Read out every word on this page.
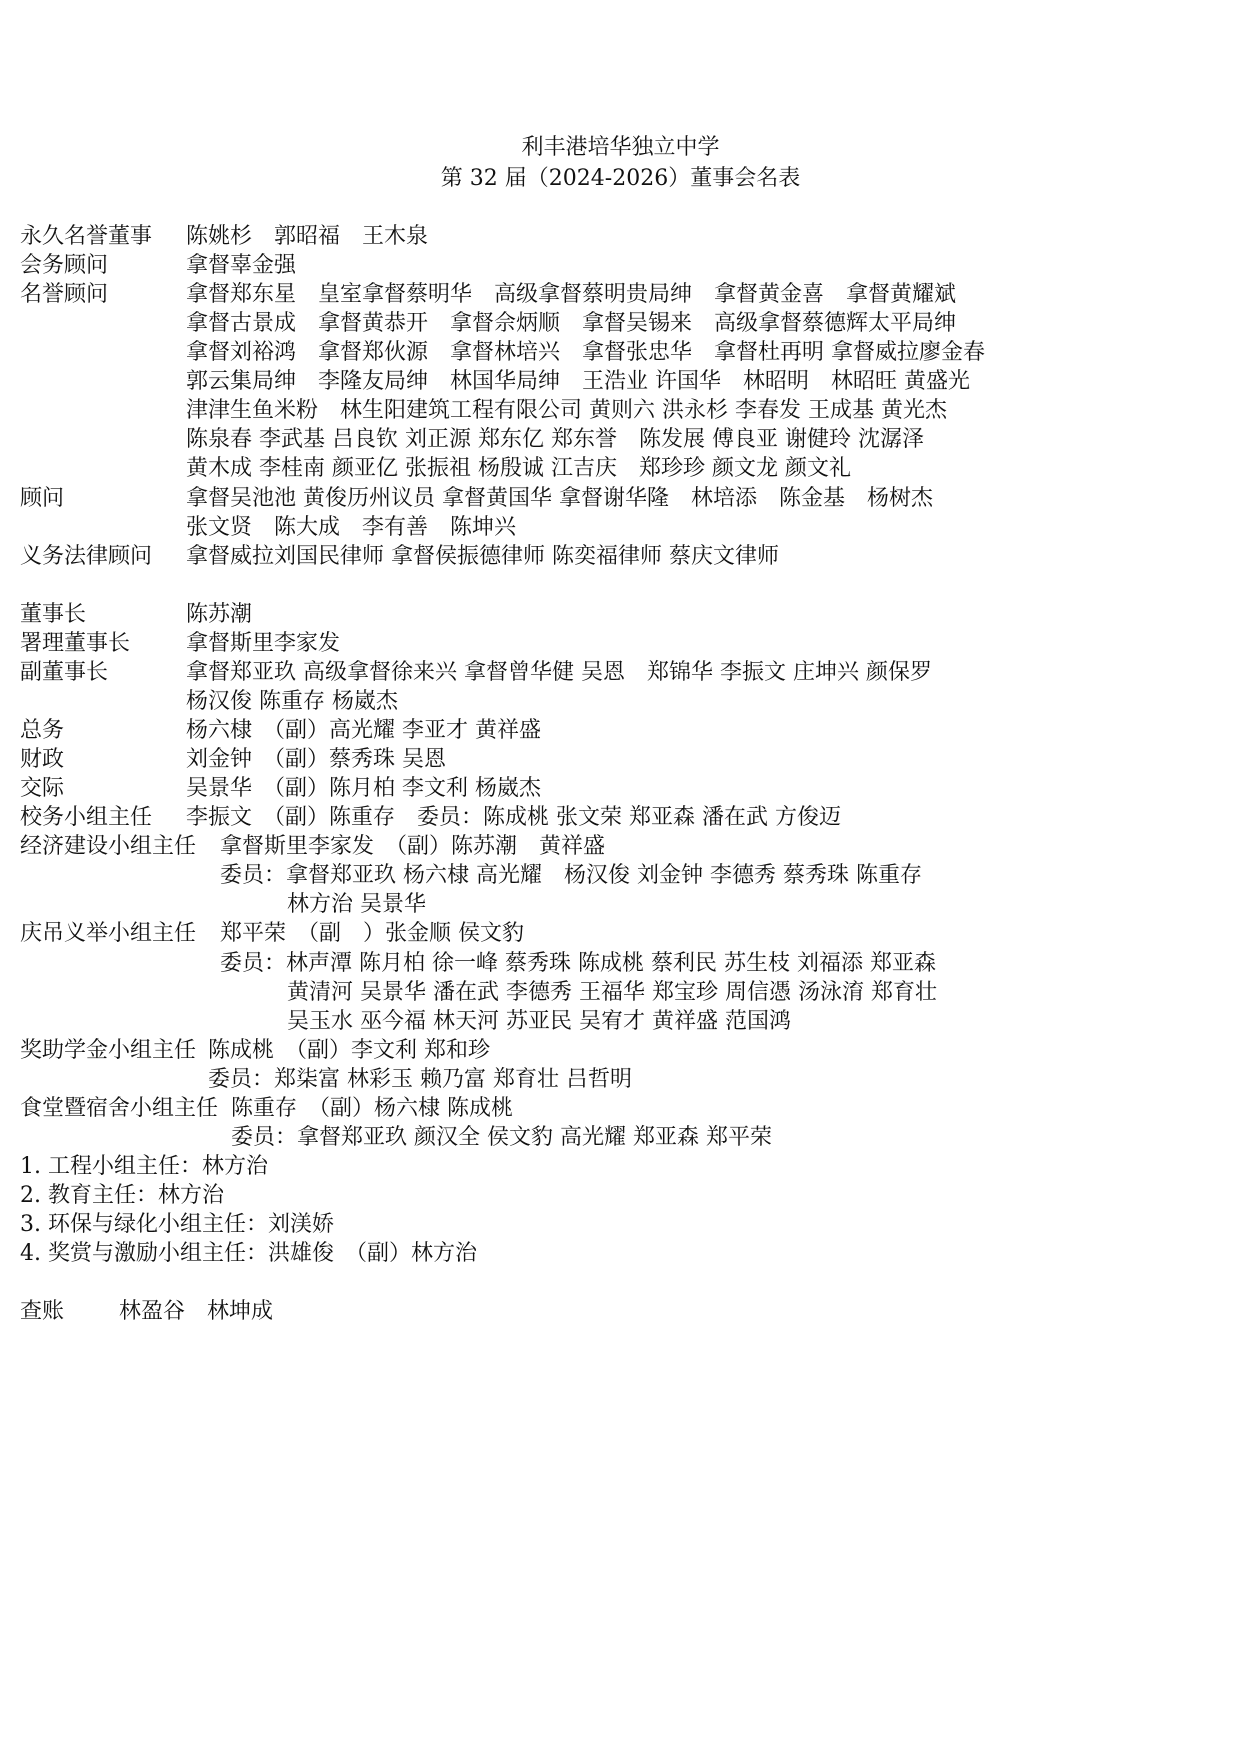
利丰港培华独立中学
第 32 届（2024-2026）董事会名表
永久名誉董事 陈姚杉　郭昭福　王木泉
会务顾问	拿督辜金强
名誉顾问	拿督郑东星　皇室拿督蔡明华　高级拿督蔡明贵局绅　拿督黄金喜　拿督黄耀斌
拿督古景成　拿督黄恭开　拿督佘炳顺　拿督吴锡来　高级拿督蔡德辉太平局绅
拿督刘裕鸿　拿督郑伙源　拿督林培兴　拿督张忠华　拿督杜再明 拿督威拉廖金春
郭云集局绅　李隆友局绅　林国华局绅　王浩业 许国华　林昭明　林昭旺 黄盛光
津津生鱼米粉　林生阳建筑工程有限公司 黄则六 洪永杉 李春发 王成基 黄光杰
陈泉春 李武基 吕良钦 刘正源 郑东亿 郑东誉　陈发展 傅良亚 谢健玲 沈潺泽
黄木成 李桂南 颜亚亿 张振祖 杨殷诚 江吉庆　郑珍珍 颜文龙 颜文礼
顾问	拿督吴池池 黄俊历州议员 拿督黄国华 拿督谢华隆　林培添　陈金基　杨树杰
张文贤　陈大成　李有善　陈坤兴
义务法律顾问 拿督威拉刘国民律师 拿督侯振德律师 陈奕福律师 蔡庆文律师
董事长	陈苏潮
署理董事长	拿督斯里李家发
副董事长	拿督郑亚玖 高级拿督徐来兴 拿督曾华健 吴恩　郑锦华 李振文 庄坤兴 颜保罗
杨汉俊 陈重存 杨崴杰
总务	杨六棣　（副）高光耀 李亚才 黄祥盛
财政	刘金钟　（副）蔡秀珠 吴恩
交际	吴景华　（副）陈月柏 李文利 杨崴杰
校务小组主任 李振文　（副）陈重存　委员：陈成桃 张文荣 郑亚森 潘在武 方俊迈
经济建设小组主任 拿督斯里李家发　（副）陈苏潮　黄祥盛
委员：拿督郑亚玖 杨六棣 高光耀　杨汉俊 刘金钟 李德秀 蔡秀珠 陈重存
林方治 吴景华
庆吊义举小组主任 郑平荣　（副　）张金顺 侯文豹
委员：林声潭 陈月柏 徐一峰 蔡秀珠 陈成桃 蔡利民 苏生枝 刘福添 郑亚森
黄清河 吴景华 潘在武 李德秀 王福华 郑宝珍 周信憑 汤泳淯 郑育壮
吴玉水 巫今福 林天河 苏亚民 吴宥才 黄祥盛 范国鸿
奖助学金小组主任 陈成桃　（副）李文利 郑和珍
委员：郑柒富 林彩玉 赖乃富 郑育壮 吕哲明
食堂暨宿舍小组主任 陈重存　（副）杨六棣 陈成桃
委员：拿督郑亚玖 颜汉全 侯文豹 高光耀 郑亚森 郑平荣
1. 工程小组主任：林方治
2. 教育主任：林方治
3. 环保与绿化小组主任：刘渼娇
4. 奖赏与激励小组主任：洪雄俊　（副）林方治
查账 林盈谷　林坤成
